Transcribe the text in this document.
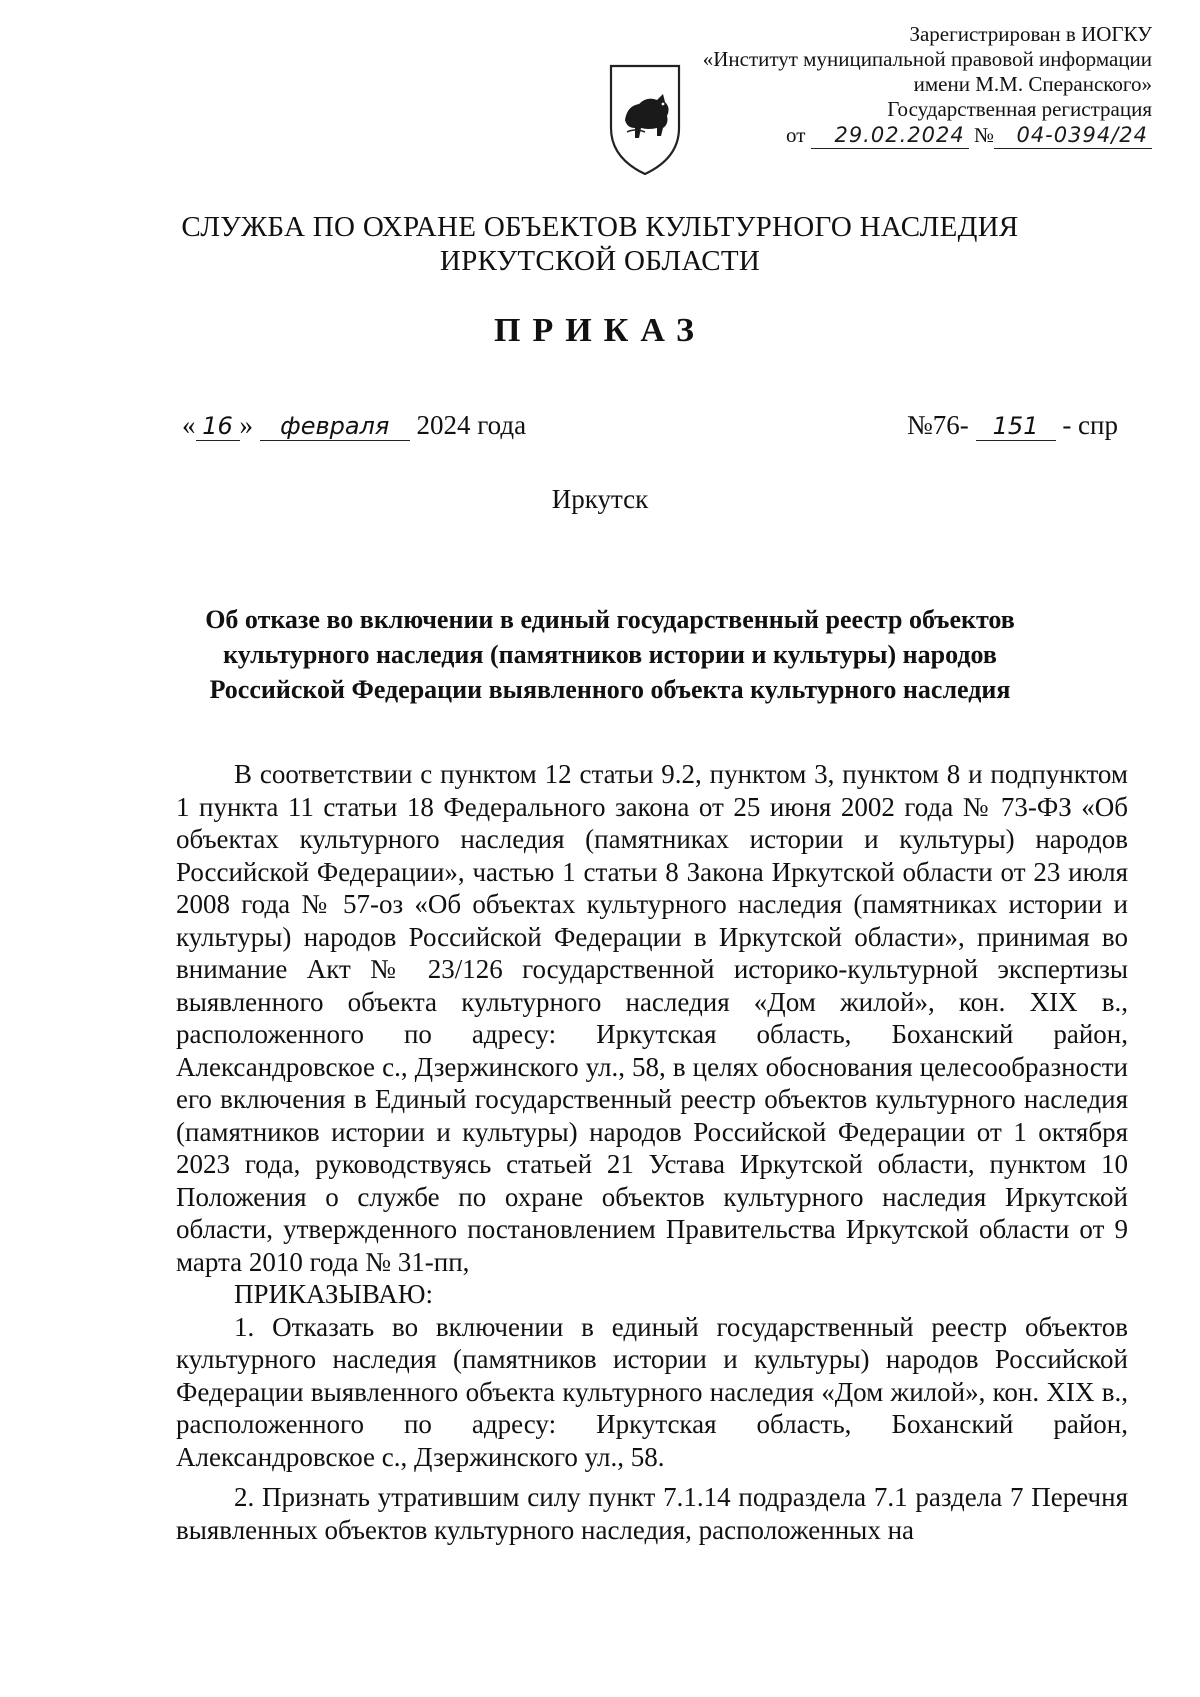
Зарегистрирован в ИОГКУ
«Институт муниципальной правовой информации
имени М.М. Сперанского»
Государственная регистрация
от 29.02.2024 № 04-0394/24
СЛУЖБА ПО ОХРАНЕ ОБЪЕКТОВ КУЛЬТУРНОГО НАСЛЕДИЯ
ИРКУТСКОЙ ОБЛАСТИ
ПРИКАЗ
« 16 » февраля 2024 года	№76- 151 - спр
Иркутск
Об отказе во включении в единый государственный реестр объектов
культурного наследия (памятников истории и культуры) народов
Российской Федерации выявленного объекта культурного наследия

В соответствии с пунктом 12 статьи 9.2, пунктом 3, пунктом 8 и подпунктом 1 пункта 11 статьи 18 Федерального закона от 25 июня 2002 года № 73-ФЗ «Об объектах культурного наследия (памятниках истории и культуры) народов Российской Федерации», частью 1 статьи 8 Закона Иркутской области от 23 июля 2008 года № 57-оз «Об объектах культурного наследия (памятниках истории и культуры) народов Российской Федерации в Иркутской области», принимая во внимание Акт № 23/126 государственной историко-культурной экспертизы выявленного объекта культурного наследия «Дом жилой», кон. XIX в., расположенного по адресу: Иркутская область, Боханский район, Александровское с., Дзержинского ул., 58, в целях обоснования целесообразности его включения в Единый государственный реестр объектов культурного наследия (памятников истории и культуры) народов Российской Федерации от 1 октября 2023 года, руководствуясь статьей 21 Устава Иркутской области, пунктом 10 Положения о службе по охране объектов культурного наследия Иркутской области, утвержденного постановлением Правительства Иркутской области от 9 марта 2010 года № 31-пп,

ПРИКАЗЫВАЮ:

1. Отказать во включении в единый государственный реестр объектов культурного наследия (памятников истории и культуры) народов Российской Федерации выявленного объекта культурного наследия «Дом жилой», кон. XIX в., расположенного по адресу: Иркутская область, Боханский район, Александровское с., Дзержинского ул., 58.

2. Признать утратившим силу пункт 7.1.14 подраздела 7.1 раздела 7 Перечня выявленных объектов культурного наследия, расположенных на
